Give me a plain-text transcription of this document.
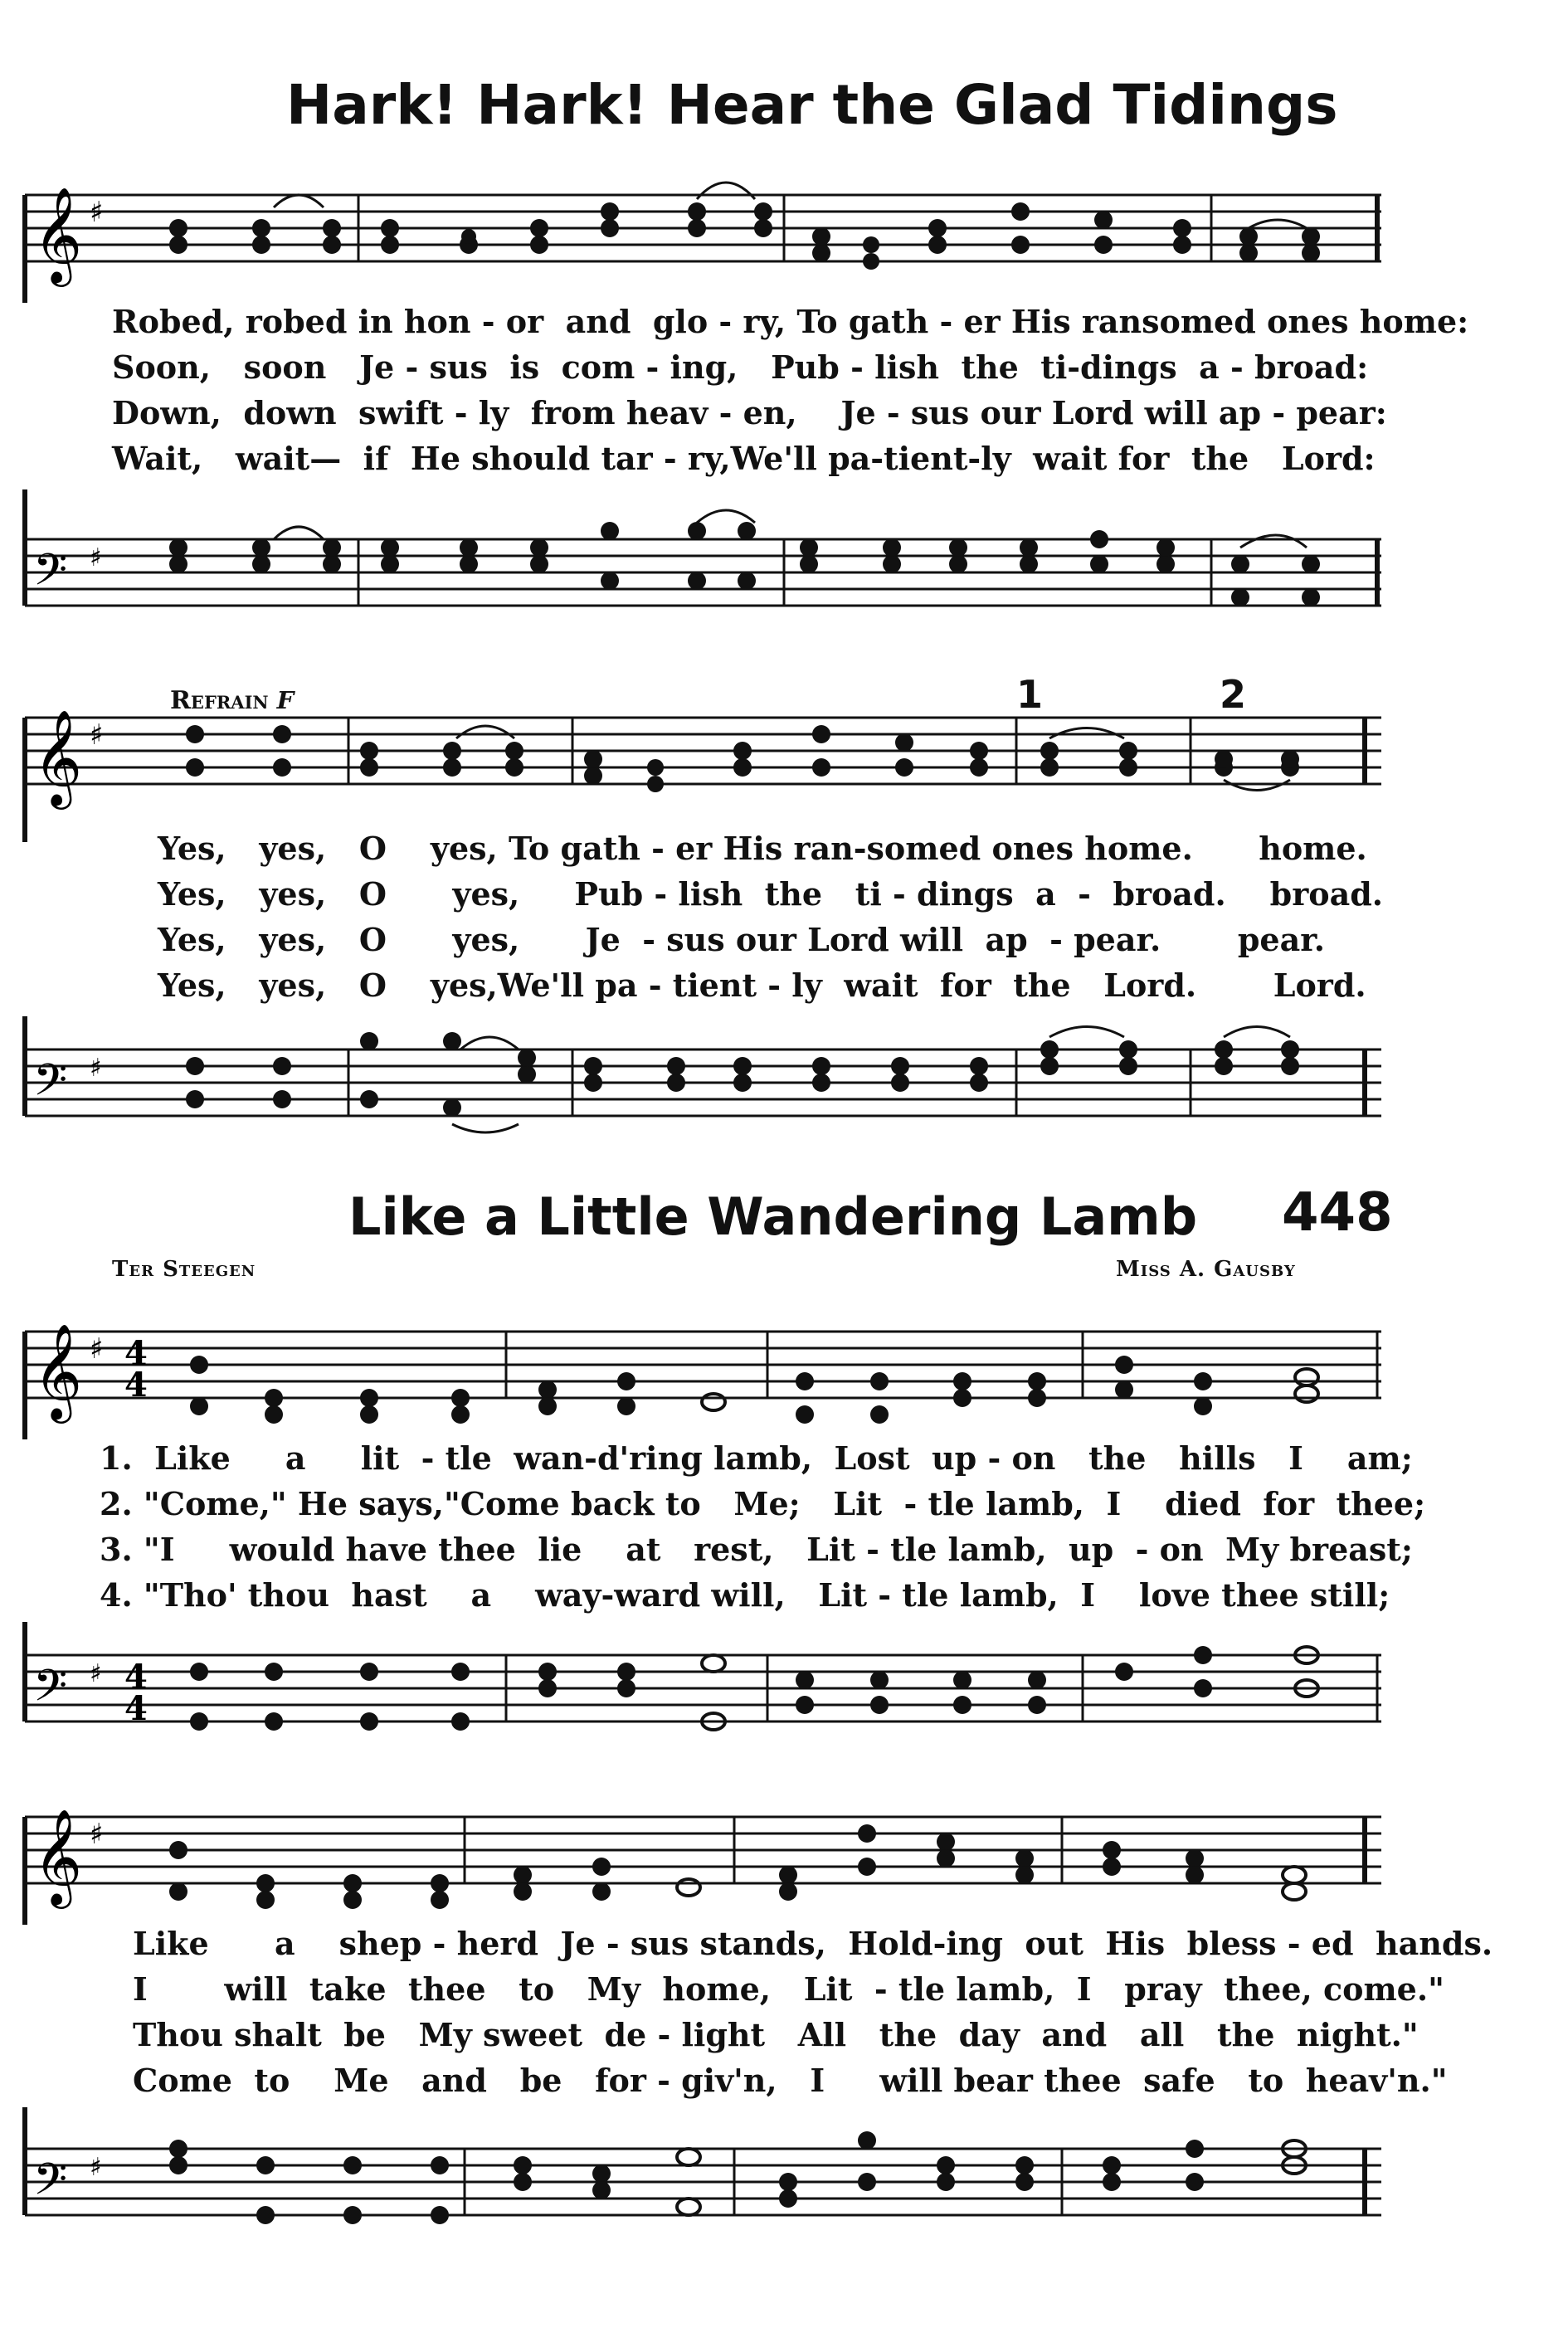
Hark! Hark! Hear the Glad Tidings
𝄞 ♯
Robed, robed in hon - or  and  glo - ry, To gath - er His ransomed ones home:
Soon,   soon   Je - sus  is  com - ing,   Pub - lish  the  ti-dings  a - broad:
Down,  down  swift - ly  from heav - en,    Je - sus our Lord will ap - pear:
Wait,   wait—  if  He should tar - ry,We'll pa-tient-ly  wait for  the   Lord:
𝄢 ♯
Refrain f	1	2
𝄞 ♯
Yes,   yes,   O    yes, To gath - er His ran-somed ones home.      home.
Yes,   yes,   O      yes,     Pub - lish  the   ti - dings  a  -  broad.    broad.
Yes,   yes,   O      yes,      Je  - sus our Lord will  ap  - pear.       pear.
Yes,   yes,   O    yes,We'll pa - tient - ly  wait  for  the   Lord.       Lord.
𝄢 ♯
Like a Little Wandering Lamb 448
Ter Steegen	Miss A. Gausby
𝄞 ♯ 4
4
1.  Like     a     lit  - tle  wan-d'ring lamb,  Lost  up - on   the   hills   I    am;
2. "Come," He says,"Come back to   Me;   Lit  - tle lamb,  I    died  for  thee;
3. "I     would have thee  lie    at   rest,   Lit - tle lamb,  up  - on  My breast;
4. "Tho' thou  hast    a    way-ward will,   Lit - tle lamb,  I    love thee still;
𝄢 ♯ 4
4
𝄞 ♯
Like      a    shep - herd  Je - sus stands,  Hold-ing  out  His  bless - ed  hands.
I       will  take  thee   to   My  home,   Lit  - tle lamb,  I   pray  thee, come."
Thou shalt  be   My sweet  de - light   All   the  day  and   all   the  night."
Come  to    Me   and   be   for - giv'n,   I     will bear thee  safe   to  heav'n."
𝄢 ♯
